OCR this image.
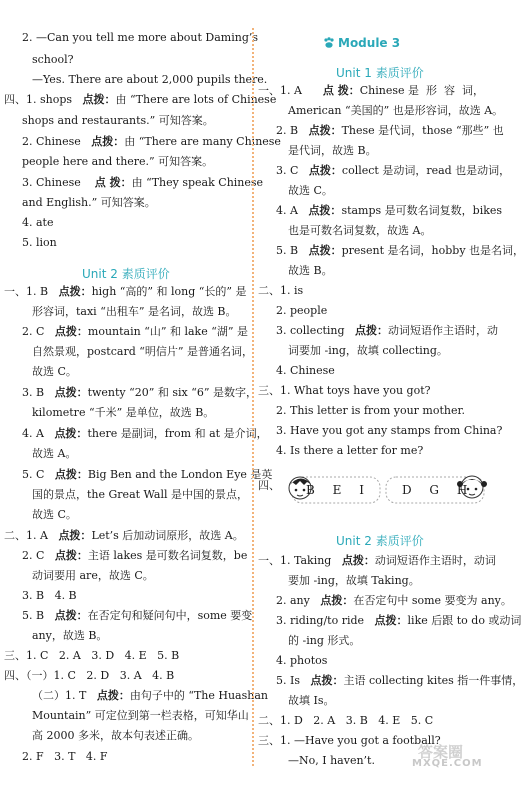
2. —Can you tell me more about Daming’s
school?
—Yes. There are about 2,000 pupils there.
四、1. shops   点拨：由 “There are lots of Chinese
shops and restaurants.” 可知答案。
2. Chinese   点拨：由 “There are many Chinese
people here and there.” 可知答案。
3. Chinese    点 拨：由 “They speak Chinese
and English.” 可知答案。
4. ate
5. lion
一、1. B   点拨：high “高的” 和 long “长的” 是
形容词，taxi “出租车” 是名词，故选 B。
2. C   点拨：mountain “山” 和 lake “湖” 是
自然景观，postcard “明信片” 是普通名词，
故选 C。
3. B   点拨：twenty “20” 和 six “6” 是数字，
kilometre “千米” 是单位，故选 B。
4. A   点拨：there 是副词，from 和 at 是介词，
故选 A。
5. C   点拨：Big Ben and the London Eye 是英
国的景点，the Great Wall 是中国的景点，
故选 C。
二、1. A   点拨：Let’s 后加动词原形，故选 A。
2. C   点拨：主语 lakes 是可数名词复数，be
动词要用 are，故选 C。
3. B   4. B
5. B   点拨：在否定句和疑问句中，some 要变
any，故选 B。
三、1. C   2. A   3. D   4. E   5. B
四、（一）1. C   2. D   3. A   4. B
（二）1. T   点拨：由句子中的 “The Huashan
Mountain” 可定位到第一栏表格，可知华山
高 2000 多米，故本句表述正确。
2. F   3. T   4. F
一、1. A      点 拨：Chinese 是  形  容  词，
American “美国的” 也是形容词，故选 A。
2. B   点拨：These 是代词，those “那些” 也
是代词，故选 B。
3. C   点拨：collect 是动词，read 也是动词，
故选 C。
4. A   点拨：stamps 是可数名词复数，bikes
也是可数名词复数，故选 A。
5. B   点拨：present 是名词，hobby 也是名词，
故选 B。
二、1. is
2. people
3. collecting   点拨：动词短语作主语时，动
词要加 -ing，故填 collecting。
4. Chinese
三、1. What toys have you got?
2. This letter is from your mother.
3. Have you got any stamps from China?
4. Is there a letter for me?
四、
一、1. Taking   点拨：动词短语作主语时，动词
要加 -ing，故填 Taking。
2. any   点拨：在否定句中 some 要变为 any。
3. riding/to ride   点拨：like 后跟 to do 或动词
的 -ing 形式。
4. photos
5. Is   点拨：主语 collecting kites 指一件事情，
故填 Is。
二、1. D   2. A   3. B   4. E   5. C
三、1. —Have you got a football?
—No, I haven’t.
Unit 2 素质评价
Module 3
Unit 1 素质评价
Unit 2 素质评价
B E I	D G H
答案圈
MXQE.COM
